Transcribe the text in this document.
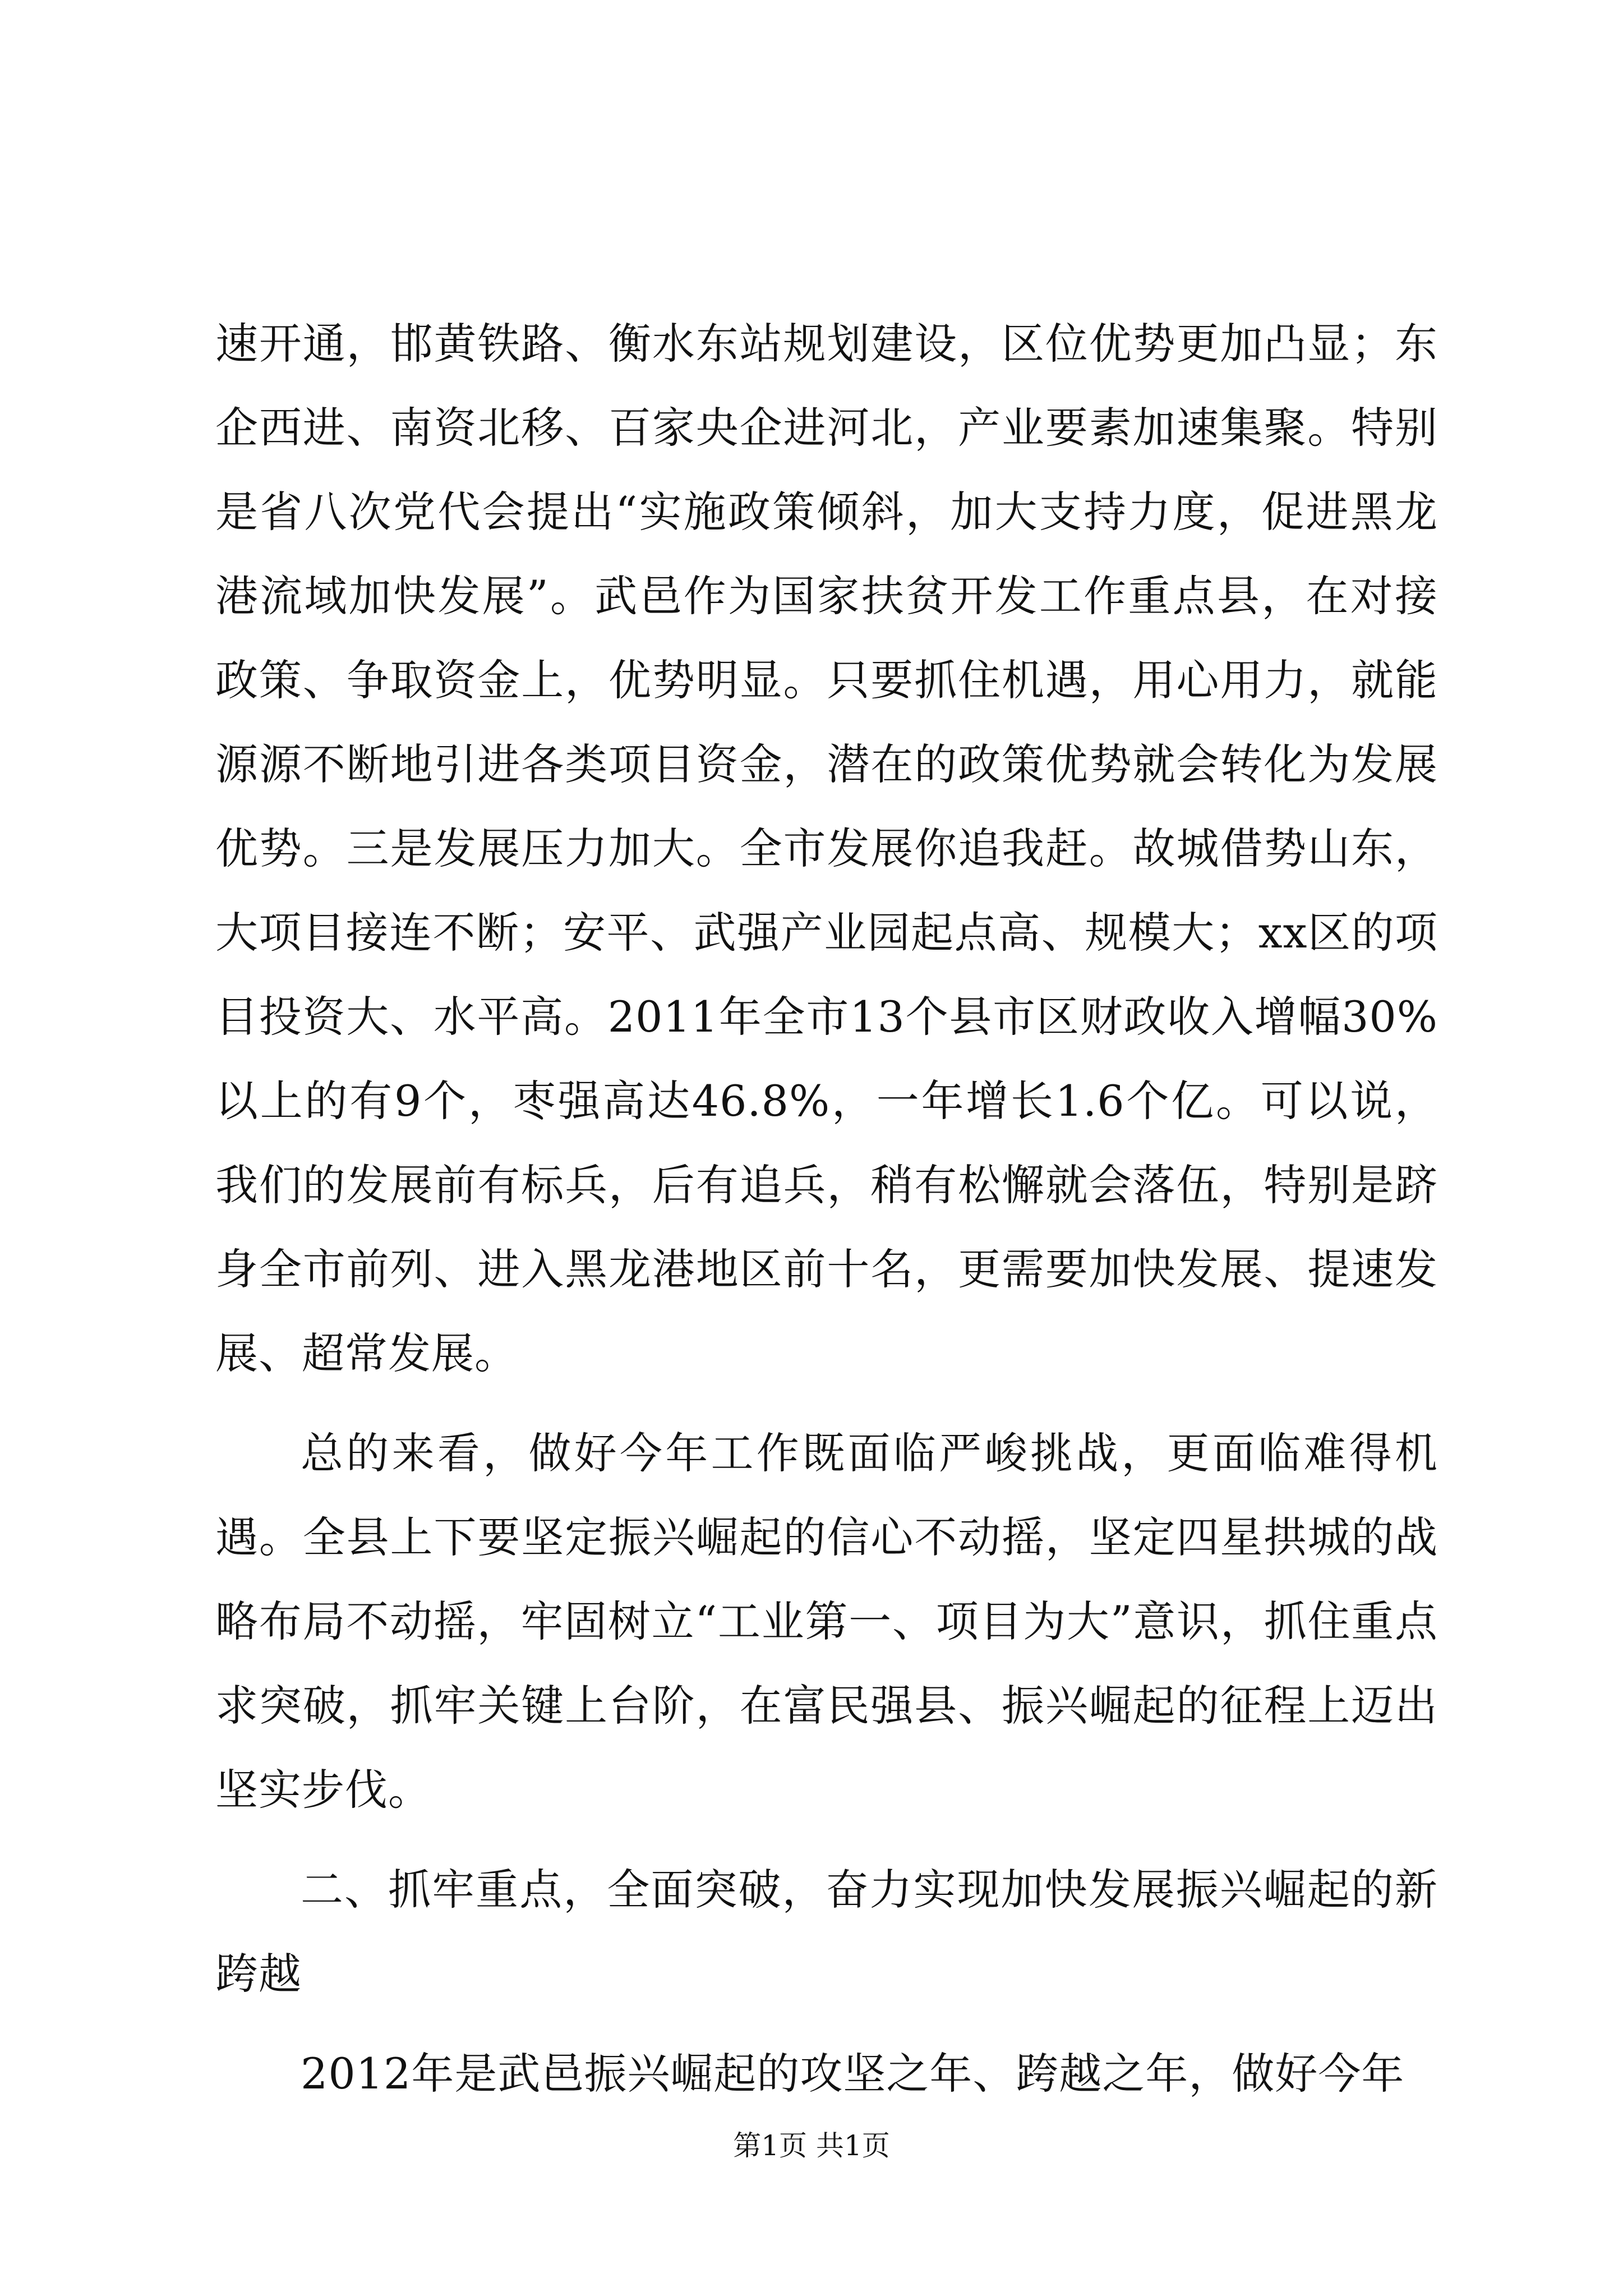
速开通，邯黄铁路、衡水东站规划建设，区位优势更加凸显；东企西进、南资北移、百家央企进河北，产业要素加速集聚。特别是省八次党代会提出“实施政策倾斜，加大支持力度，促进黑龙港流域加快发展”。武邑作为国家扶贫开发工作重点县，在对接政策、争取资金上，优势明显。只要抓住机遇，用心用力，就能源源不断地引进各类项目资金，潜在的政策优势就会转化为发展优势。三是发展压力加大。全市发展你追我赶。故城借势山东，大项目接连不断；安平、武强产业园起点高、规模大；xx区的项目投资大、水平高。2011年全市13个县市区财政收入增幅30%以上的有9个，枣强高达46.8%，一年增长1.6个亿。可以说，我们的发展前有标兵，后有追兵，稍有松懈就会落伍，特别是跻身全市前列、进入黑龙港地区前十名，更需要加快发展、提速发展、超常发展。

总的来看，做好今年工作既面临严峻挑战，更面临难得机遇。全县上下要坚定振兴崛起的信心不动摇，坚定四星拱城的战略布局不动摇，牢固树立“工业第一、项目为大”意识，抓住重点求突破，抓牢关键上台阶，在富民强县、振兴崛起的征程上迈出坚实步伐。

二、抓牢重点，全面突破，奋力实现加快发展振兴崛起的新跨越

2012年是武邑振兴崛起的攻坚之年、跨越之年，做好今年

第1页 共1页
